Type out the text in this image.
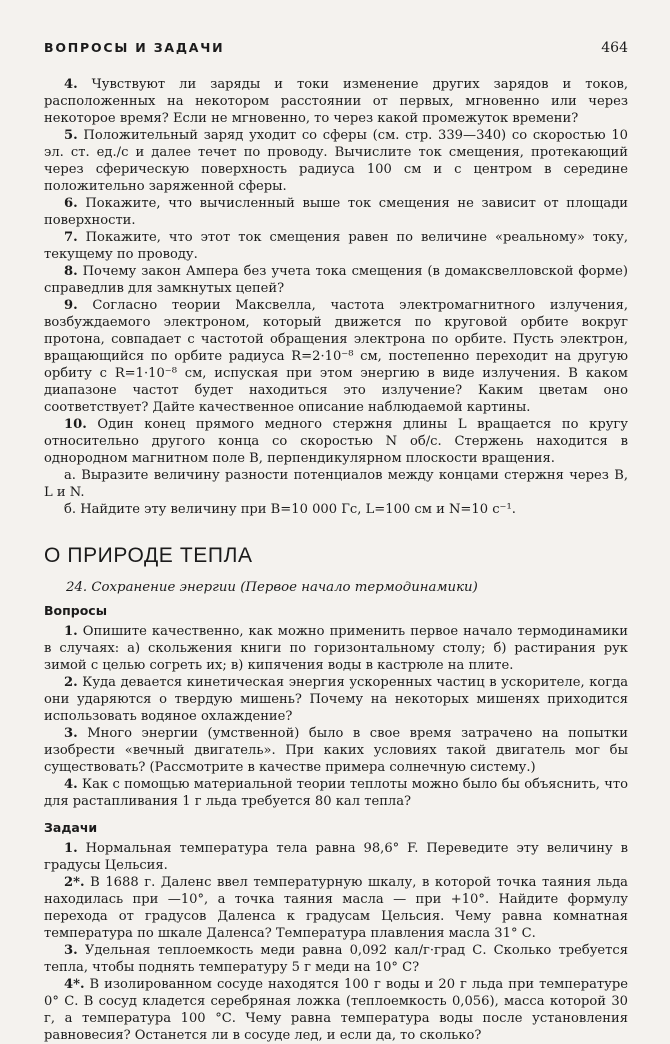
ВОПРОСЫ И ЗАДАЧИ	464

4. Чувствуют ли заряды и токи изменение других зарядов и токов, расположенных на некотором расстоянии от первых, мгновенно или через некоторое время? Если не мгновенно, то через какой промежуток времени?

5. Положительный заряд уходит со сферы (см. стр. 339—340) со скоростью 10 эл. ст. ед./с и далее течет по проводу. Вычислите ток смещения, протекающий через сферическую поверхность радиуса 100 см и с центром в середине положительно заряженной сферы.

6. Покажите, что вычисленный выше ток смещения не зависит от площади поверхности.

7. Покажите, что этот ток смещения равен по величине «реальному» току, текущему по проводу.

8. Почему закон Ампера без учета тока смещения (в домаксвелловской форме) справедлив для замкнутых цепей?

9. Согласно теории Максвелла, частота электромагнитного излучения, возбуждаемого электроном, который движется по круговой орбите вокруг протона, совпадает с частотой обращения электрона по орбите. Пусть электрон, вращающийся по орбите радиуса R=2·10⁻⁸ см, постепенно переходит на другую орбиту с R=1·10⁻⁸ см, испуская при этом энергию в виде излучения. В каком диапазоне частот будет находиться это излучение? Каким цветам оно соответствует? Дайте качественное описание наблюдаемой картины.

10. Один конец прямого медного стержня длины L вращается по кругу относительно другого конца со скоростью N об/с. Стержень находится в однородном магнитном поле B, перпендикулярном плоскости вращения.

а. Выразите величину разности потенциалов между концами стержня через B, L и N.

б. Найдите эту величину при B=10 000 Гс, L=100 см и N=10 с⁻¹.

О ПРИРОДЕ ТЕПЛА
24. Сохранение энергии (Первое начало термодинамики)
Вопросы

1. Опишите качественно, как можно применить первое начало термодинамики в случаях: а) скольжения книги по горизонтальному столу; б) растирания рук зимой с целью согреть их; в) кипячения воды в кастрюле на плите.

2. Куда девается кинетическая энергия ускоренных частиц в ускорителе, когда они ударяются о твердую мишень? Почему на некоторых мишенях приходится использовать водяное охлаждение?

3. Много энергии (умственной) было в свое время затрачено на попытки изобрести «вечный двигатель». При каких условиях такой двигатель мог бы существовать? (Рассмотрите в качестве примера солнечную систему.)

4. Как с помощью материальной теории теплоты можно было бы объяснить, что для растапливания 1 г льда требуется 80 кал тепла?

Задачи

1. Нормальная температура тела равна 98,6° F. Переведите эту величину в градусы Цельсия.

2*. В 1688 г. Даленс ввел температурную шкалу, в которой точка таяния льда находилась при —10°, а точка таяния масла — при +10°. Найдите формулу перехода от градусов Даленса к градусам Цельсия. Чему равна комнатная температура по шкале Даленса? Температура плавления масла 31° С.

3. Удельная теплоемкость меди равна 0,092 кал/г·град С. Сколько требуется тепла, чтобы поднять температуру 5 г меди на 10° С?

4*. В изолированном сосуде находятся 100 г воды и 20 г льда при температуре 0° С. В сосуд кладется серебряная ложка (теплоемкость 0,056), масса которой 30 г, а температура 100 °С. Чему равна температура воды после установления равновесия? Останется ли в сосуде лед, и если да, то сколько?
